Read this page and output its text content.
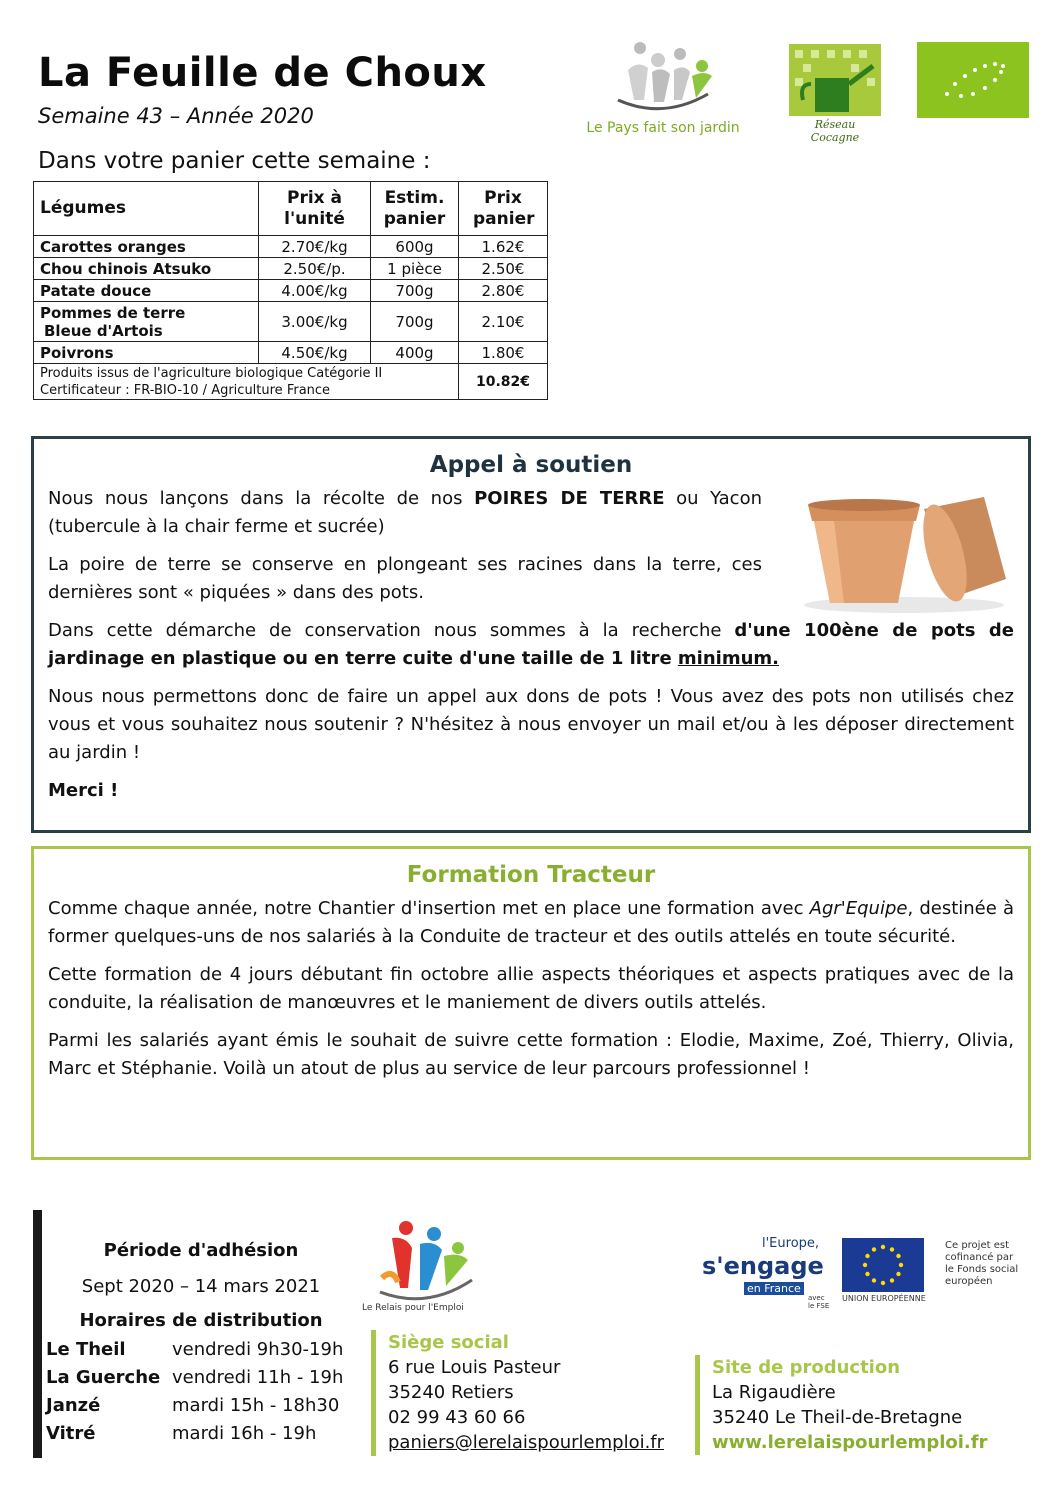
La Feuille de Choux
Semaine 43 – Année 2020
Dans votre panier cette semaine :
Le Pays fait son jardin	Réseau Cocagne
Légumes	Prix à l'unité	Estim. panier	Prix panier

Carottes oranges	2.70€/kg	600g	1.62€
Chou chinois Atsuko	2.50€/p.	1 pièce	2.50€
Patate douce	4.00€/kg	700g	2.80€

Pommes de terre
Bleue d'Artois	3.00€/kg	700g	2.10€
Poivrons	4.50€/kg	400g	1.80€

Produits issus de l'agriculture biologique Catégorie II
Certificateur : FR-BIO-10 / Agriculture France			10.82€
Appel à soutien

Nous nous lançons dans la récolte de nos POIRES DE TERRE ou Yacon (tubercule à la chair ferme et sucrée)

La poire de terre se conserve en plongeant ses racines dans la terre, ces dernières sont « piquées » dans des pots.

Dans cette démarche de conservation nous sommes à la recherche d'une 100ène de pots de jardinage en plastique ou en terre cuite d'une taille de 1 litre minimum.

Nous nous permettons donc de faire un appel aux dons de pots ! Vous avez des pots non utilisés chez vous et vous souhaitez nous soutenir ? N'hésitez à nous envoyer un mail et/ou à les déposer directement au jardin !

Merci !

Formation Tracteur

Comme chaque année, notre Chantier d'insertion met en place une formation avec Agr'Equipe, destinée à former quelques-uns de nos salariés à la Conduite de tracteur et des outils attelés en toute sécurité.

Cette formation de 4 jours débutant fin octobre allie aspects théoriques et aspects pratiques avec de la conduite, la réalisation de manœuvres et le maniement de divers outils attelés.

Parmi les salariés ayant émis le souhait de suivre cette formation : Elodie, Maxime, Zoé, Thierry, Olivia, Marc et Stéphanie. Voilà un atout de plus au service de leur parcours professionnel !

Période d'adhésion
Sept 2020 – 14 mars 2021
Horaires de distribution
Le Theil	vendredi 9h30-19h
La Guerche vendredi 11h - 19h
Janzé	mardi 15h - 18h30
Vitré	mardi 16h - 19h
Le Relais pour l'Emploi
Siège social
6 rue Louis Pasteur
35240 Retiers
02 99 43 60 66
paniers@lerelaispourlemploi.fr
Site de production
La Rigaudière
35240 Le Theil-de-Bretagne
www.lerelaispourlemploi.fr
l'Europe,
s'engage
en France
avec le FSE
UNION EUROPÉENNE
Ce projet est cofinancé par le Fonds social européen
